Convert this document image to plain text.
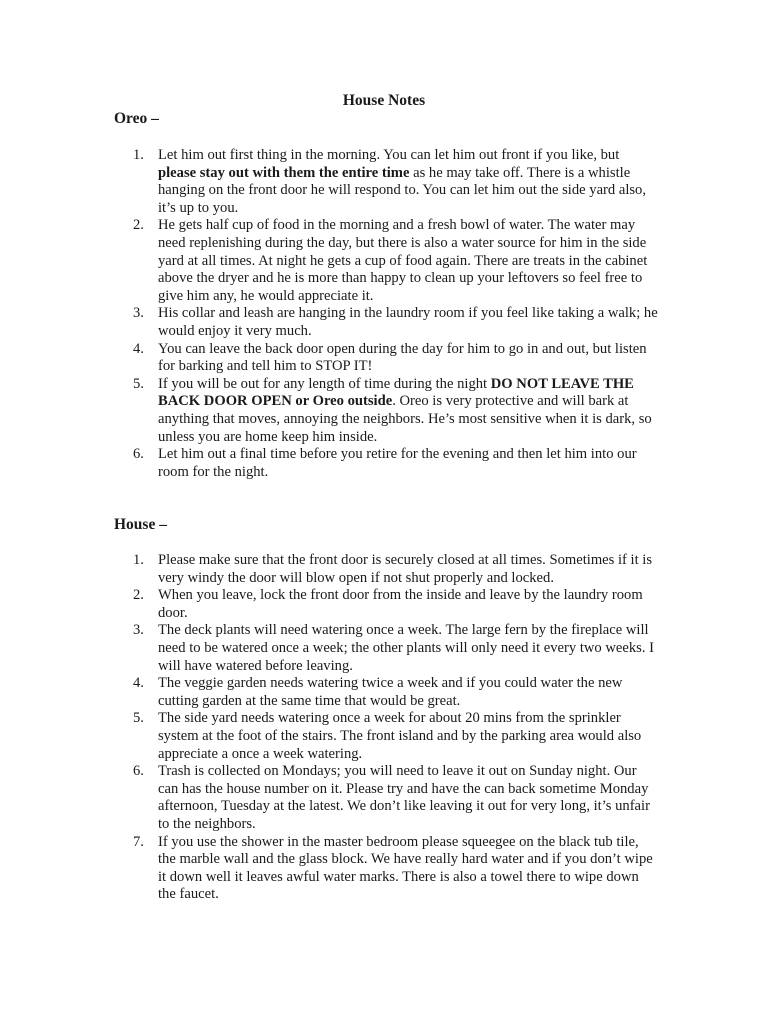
House Notes
Oreo –
1. Let him out first thing in the morning. You can let him out front if you like, but please stay out with them the entire time as he may take off. There is a whistle hanging on the front door he will respond to. You can let him out the side yard also, it’s up to you.
2. He gets half cup of food in the morning and a fresh bowl of water. The water may need replenishing during the day, but there is also a water source for him in the side yard at all times. At night he gets a cup of food again. There are treats in the cabinet above the dryer and he is more than happy to clean up your leftovers so feel free to give him any, he would appreciate it.
3. His collar and leash are hanging in the laundry room if you feel like taking a walk; he would enjoy it very much.
4. You can leave the back door open during the day for him to go in and out, but listen for barking and tell him to STOP IT!
5. If you will be out for any length of time during the night DO NOT LEAVE THE BACK DOOR OPEN or Oreo outside. Oreo is very protective and will bark at anything that moves, annoying the neighbors. He’s most sensitive when it is dark, so unless you are home keep him inside.
6. Let him out a final time before you retire for the evening and then let him into our room for the night.
House –
1. Please make sure that the front door is securely closed at all times. Sometimes if it is very windy the door will blow open if not shut properly and locked.
2. When you leave, lock the front door from the inside and leave by the laundry room door.
3. The deck plants will need watering once a week. The large fern by the fireplace will need to be watered once a week; the other plants will only need it every two weeks. I will have watered before leaving.
4. The veggie garden needs watering twice a week and if you could water the new cutting garden at the same time that would be great.
5. The side yard needs watering once a week for about 20 mins from the sprinkler system at the foot of the stairs. The front island and by the parking area would also appreciate a once a week watering.
6. Trash is collected on Mondays; you will need to leave it out on Sunday night. Our can has the house number on it. Please try and have the can back sometime Monday afternoon, Tuesday at the latest. We don’t like leaving it out for very long, it’s unfair to the neighbors.
7. If you use the shower in the master bedroom please squeegee on the black tub tile, the marble wall and the glass block. We have really hard water and if you don’t wipe it down well it leaves awful water marks. There is also a towel there to wipe down the faucet.
